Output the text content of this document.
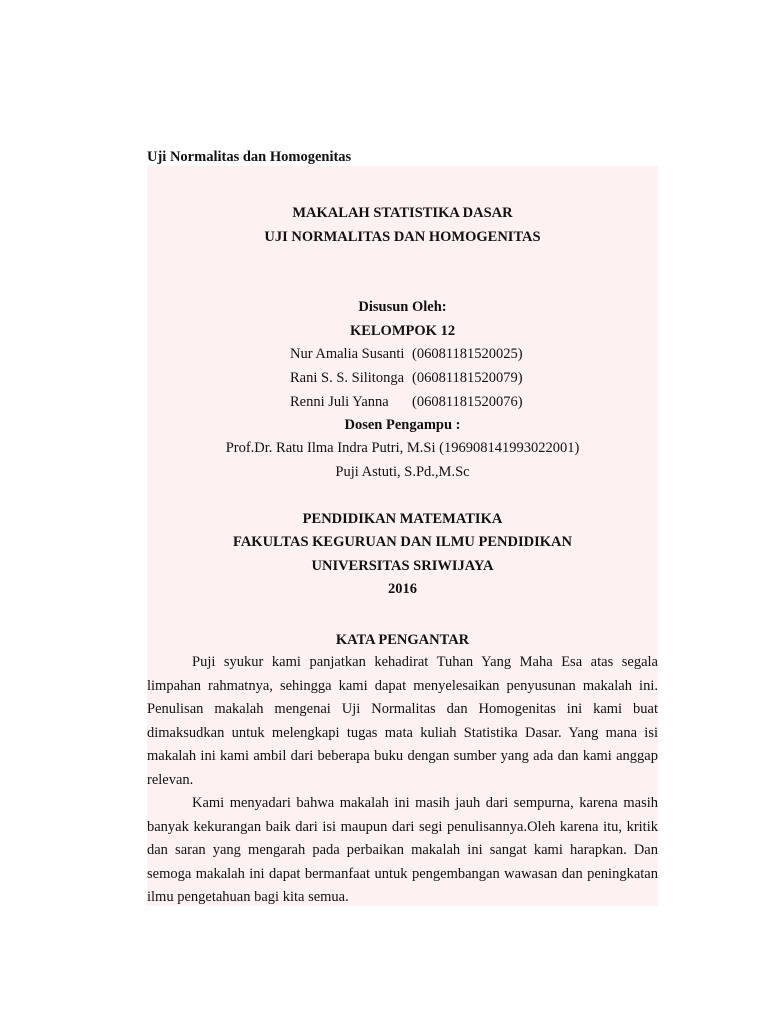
Uji Normalitas dan Homogenitas
MAKALAH STATISTIKA DASAR
UJI NORMALITAS DAN HOMOGENITAS
Disusun Oleh:
KELOMPOK 12
Nur Amalia Susanti (06081181520025)
Rani S. S. Silitonga (06081181520079)
Renni Juli Yanna (06081181520076)
Dosen Pengampu :
Prof.Dr. Ratu Ilma Indra Putri, M.Si (196908141993022001)
Puji Astuti, S.Pd.,M.Sc
PENDIDIKAN MATEMATIKA
FAKULTAS KEGURUAN DAN ILMU PENDIDIKAN
UNIVERSITAS SRIWIJAYA
2016
KATA PENGANTAR

Puji syukur kami panjatkan kehadirat Tuhan Yang Maha Esa atas segala limpahan rahmatnya, sehingga kami dapat menyelesaikan penyusunan makalah ini. Penulisan makalah mengenai Uji Normalitas dan Homogenitas ini kami buat dimaksudkan untuk melengkapi tugas mata kuliah Statistika Dasar. Yang mana isi makalah ini kami ambil dari beberapa buku dengan sumber yang ada dan kami anggap relevan.

Kami menyadari bahwa makalah ini masih jauh dari sempurna, karena masih banyak kekurangan baik dari isi maupun dari segi penulisannya.Oleh karena itu, kritik dan saran yang mengarah pada perbaikan makalah ini sangat kami harapkan. Dan semoga makalah ini dapat bermanfaat untuk pengembangan wawasan dan peningkatan ilmu pengetahuan bagi kita semua.
